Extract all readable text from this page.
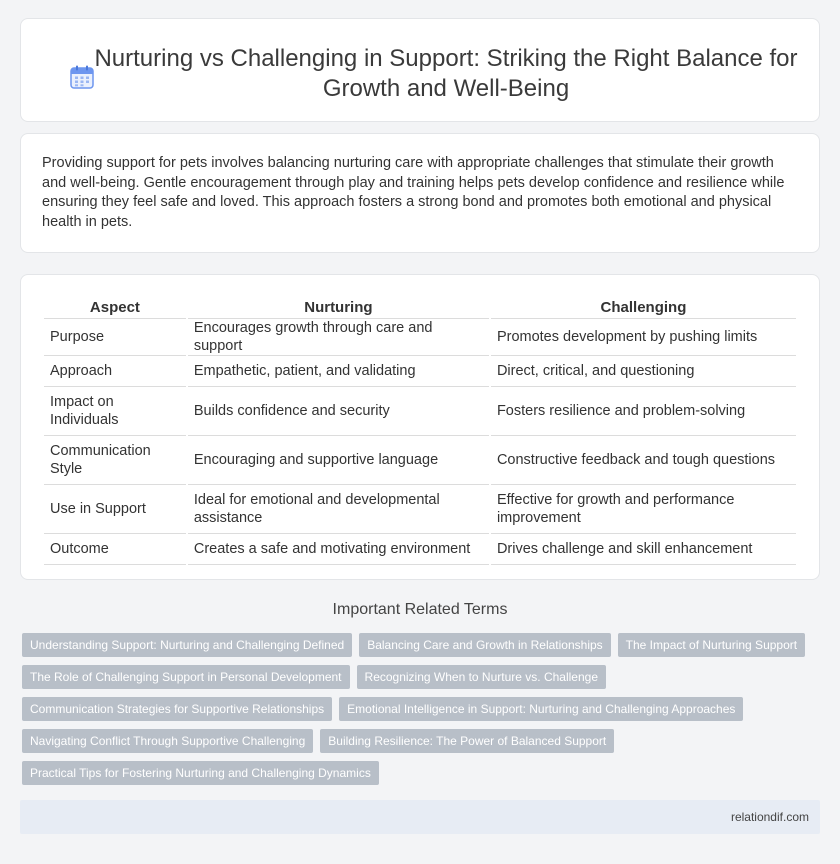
Nurturing vs Challenging in Support: Striking the Right Balance for Growth and Well-Being

Providing support for pets involves balancing nurturing care with appropriate challenges that stimulate their growth and well-being. Gentle encouragement through play and training helps pets develop confidence and resilience while ensuring they feel safe and loved. This approach fosters a strong bond and promotes both emotional and physical health in pets.

Aspect	Nurturing	Challenging
Purpose	Encourages growth through care and support	Promotes development by pushing limits
Approach	Empathetic, patient, and validating	Direct, critical, and questioning
Impact on Individuals	Builds confidence and security	Fosters resilience and problem-solving
Communication Style	Encouraging and supportive language	Constructive feedback and tough questions
Use in Support	Ideal for emotional and developmental assistance	Effective for growth and performance improvement
Outcome	Creates a safe and motivating environment	Drives challenge and skill enhancement
Important Related Terms
Understanding Support: Nurturing and Challenging Defined	Balancing Care and Growth in Relationships	The Impact of Nurturing Support
The Role of Challenging Support in Personal Development	Recognizing When to Nurture vs. Challenge
Communication Strategies for Supportive Relationships	Emotional Intelligence in Support: Nurturing and Challenging Approaches
Navigating Conflict Through Supportive Challenging	Building Resilience: The Power of Balanced Support
Practical Tips for Fostering Nurturing and Challenging Dynamics
relationdif.com
